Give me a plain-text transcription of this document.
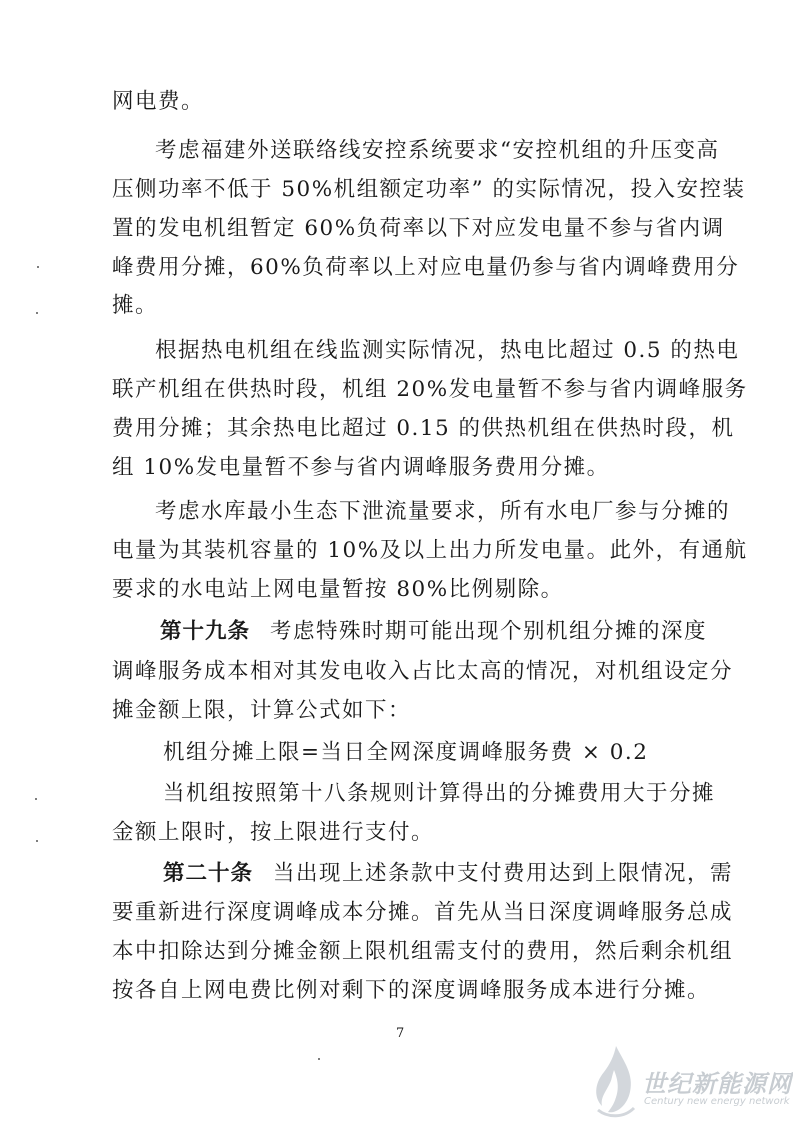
网电费。
考虑福建外送联络线安控系统要求“安控机组的升压变高
压侧功率不低于 50%机组额定功率” 的实际情况，投入安控装
置的发电机组暂定 60%负荷率以下对应发电量不参与省内调
峰费用分摊，60%负荷率以上对应电量仍参与省内调峰费用分
摊。
根据热电机组在线监测实际情况，热电比超过 0.5 的热电
联产机组在供热时段，机组 20%发电量暂不参与省内调峰服务
费用分摊；其余热电比超过 0.15 的供热机组在供热时段，机
组 10%发电量暂不参与省内调峰服务费用分摊。
考虑水库最小生态下泄流量要求，所有水电厂参与分摊的
电量为其装机容量的 10%及以上出力所发电量。此外，有通航
要求的水电站上网电量暂按 80%比例剔除。
第十九条 考虑特殊时期可能出现个别机组分摊的深度
调峰服务成本相对其发电收入占比太高的情况，对机组设定分
摊金额上限，计算公式如下：
机组分摊上限=当日全网深度调峰服务费 × 0.2
当机组按照第十八条规则计算得出的分摊费用大于分摊
金额上限时，按上限进行支付。
第二十条 当出现上述条款中支付费用达到上限情况，需
要重新进行深度调峰成本分摊。首先从当日深度调峰服务总成
本中扣除达到分摊金额上限机组需支付的费用，然后剩余机组
按各自上网电费比例对剩下的深度调峰服务成本进行分摊。
7
世纪新能源网
Century new energy network
